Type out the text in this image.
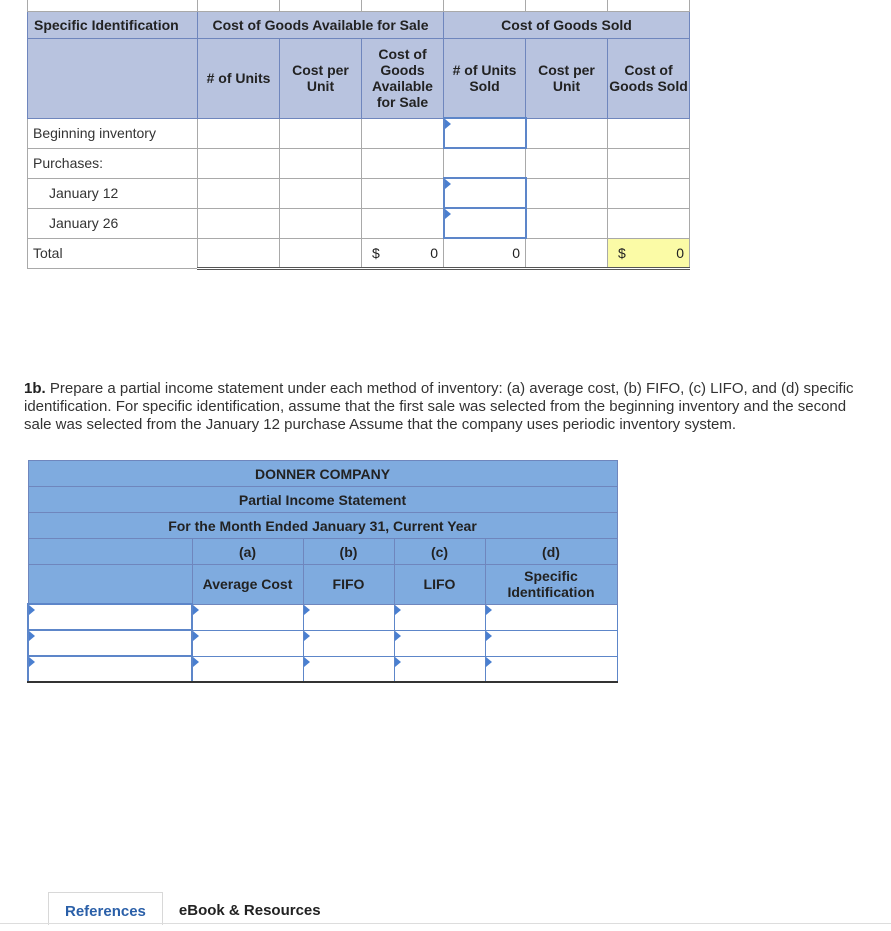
Specific Identification	Cost of Goods Available for Sale			Cost of Goods Sold		
	# of Units	Cost per Unit	Cost of Goods Available for Sale	# of Units Sold	Cost per Unit	Cost of Goods Sold
Beginning inventory				

Purchases:						
January 12				

January 26				

Total			$ 0	0		$ 0
1b. Prepare a partial income statement under each method of inventory: (a) average cost, (b) FIFO, (c) LIFO, and (d) specific identification. For specific identification, assume that the first sale was selected from the beginning inventory and the second sale was selected from the January 12 purchase Assume that the company uses periodic inventory system.
DONNER COMPANY				
Partial Income Statement				
For the Month Ended January 31, Current Year				
	(a)	(b)	(c)	(d)
	Average Cost	FIFO	LIFO	Specific Identification

References	eBook & Resources
